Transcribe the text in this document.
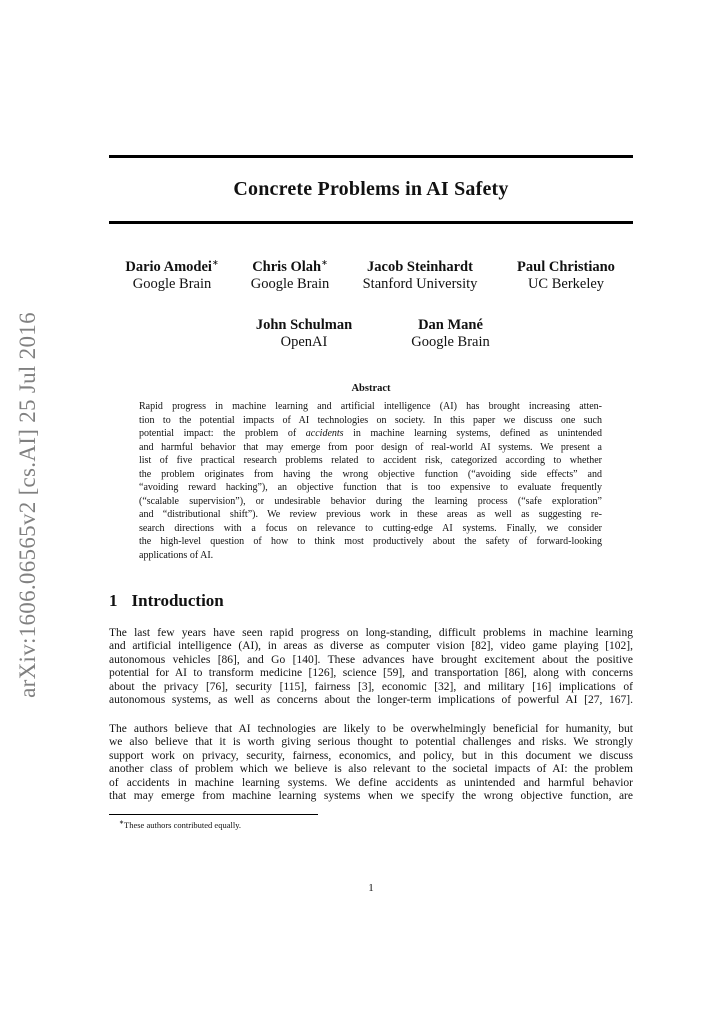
arXiv:1606.06565v2 [cs.AI] 25 Jul 2016
Concrete Problems in AI Safety
Dario Amodei∗
Google Brain
Chris Olah∗
Google Brain
Jacob Steinhardt
Stanford University
Paul Christiano
UC Berkeley
John Schulman
OpenAI
Dan Mané
Google Brain
Abstract
Rapid progress in machine learning and artificial intelligence (AI) has brought increasing atten-
tion to the potential impacts of AI technologies on society. In this paper we discuss one such
potential impact: the problem of accidents in machine learning systems, defined as unintended
and harmful behavior that may emerge from poor design of real-world AI systems. We present a
list of five practical research problems related to accident risk, categorized according to whether
the problem originates from having the wrong objective function (“avoiding side effects” and
“avoiding reward hacking”), an objective function that is too expensive to evaluate frequently
(“scalable supervision”), or undesirable behavior during the learning process (“safe exploration”
and “distributional shift”). We review previous work in these areas as well as suggesting re-
search directions with a focus on relevance to cutting-edge AI systems. Finally, we consider
the high-level question of how to think most productively about the safety of forward-looking
applications of AI.
1 Introduction
The last few years have seen rapid progress on long-standing, difficult problems in machine learning
and artificial intelligence (AI), in areas as diverse as computer vision [82], video game playing [102],
autonomous vehicles [86], and Go [140]. These advances have brought excitement about the positive
potential for AI to transform medicine [126], science [59], and transportation [86], along with concerns
about the privacy [76], security [115], fairness [3], economic [32], and military [16] implications of
autonomous systems, as well as concerns about the longer-term implications of powerful AI [27, 167].
The authors believe that AI technologies are likely to be overwhelmingly beneficial for humanity, but
we also believe that it is worth giving serious thought to potential challenges and risks. We strongly
support work on privacy, security, fairness, economics, and policy, but in this document we discuss
another class of problem which we believe is also relevant to the societal impacts of AI: the problem
of accidents in machine learning systems. We define accidents as unintended and harmful behavior
that may emerge from machine learning systems when we specify the wrong objective function, are
∗These authors contributed equally.
1
